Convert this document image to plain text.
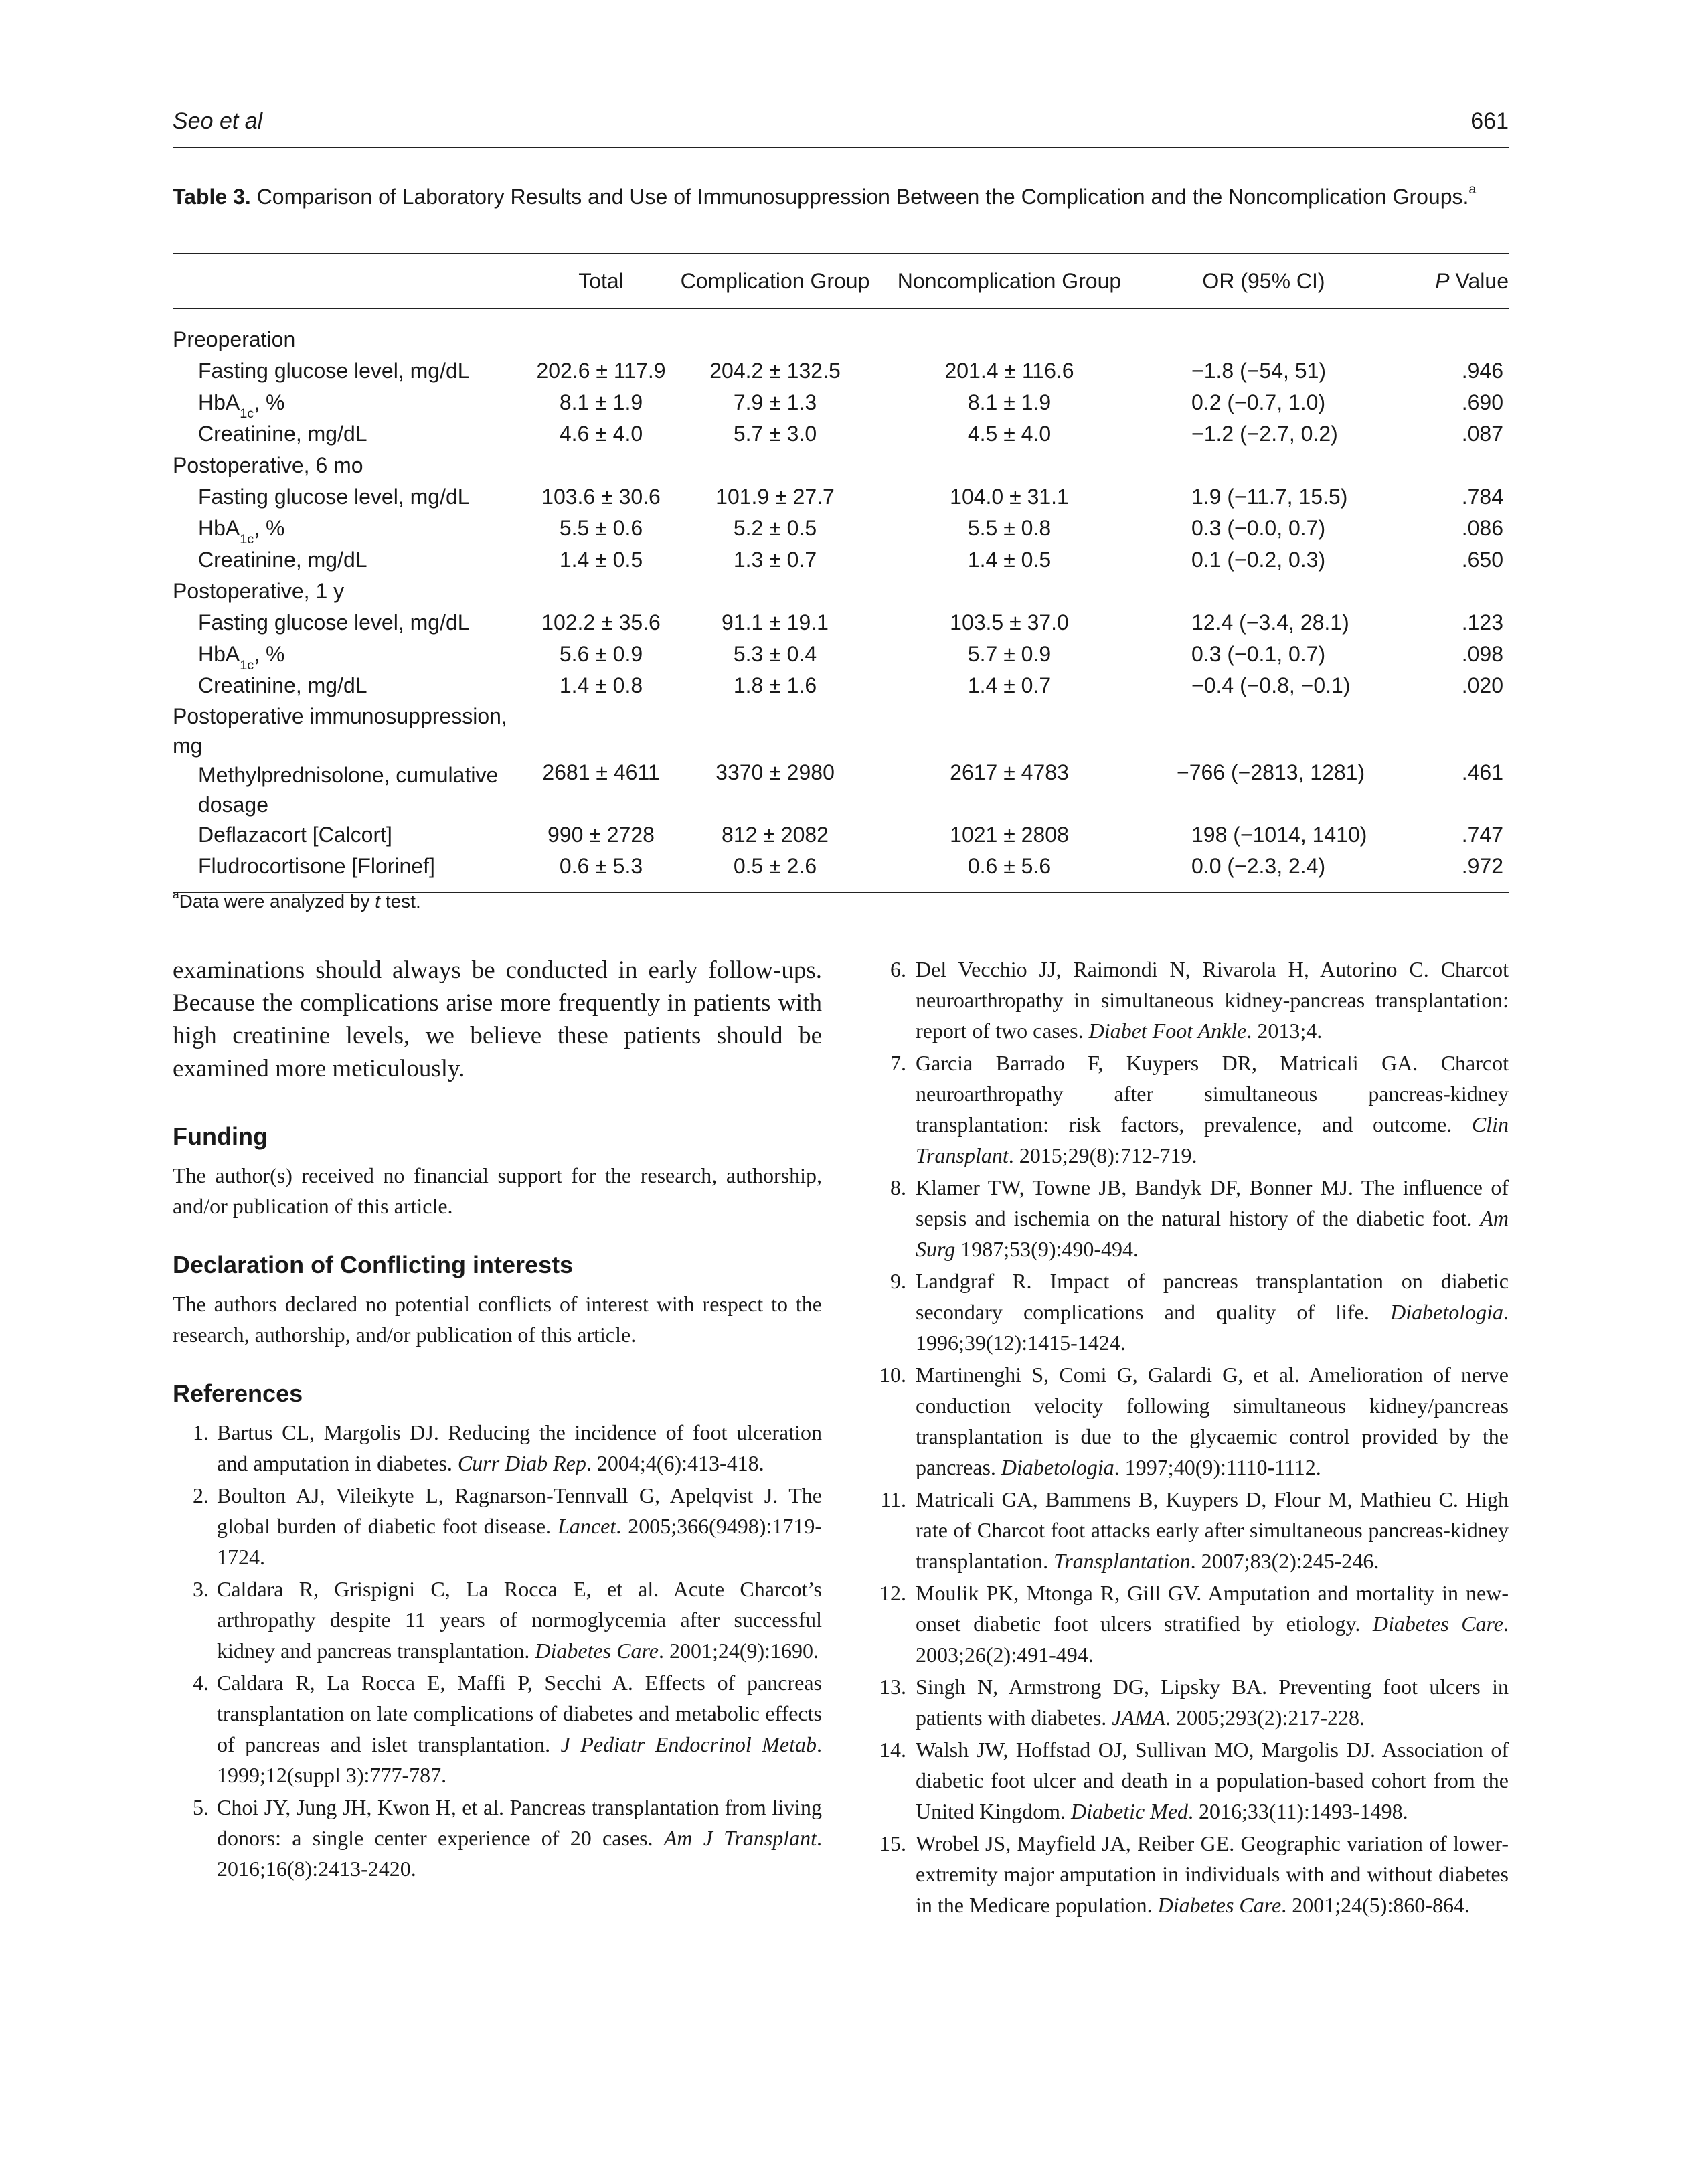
Seo et al	661
Table 3. Comparison of Laboratory Results and Use of Immunosuppression Between the Complication and the Noncomplication Groups.$^a$
	Total	Complication Group	Noncomplication Group	OR (95% CI)	P Value
Preoperation					
Fasting glucose level, mg/dL	202.6 ± 117.9	204.2 ± 132.5	201.4 ± 116.6	−1.8 (−54, 51)	.946
HbA$_{1c}$, %	8.1 ± 1.9	7.9 ± 1.3	8.1 ± 1.9	0.2 (−0.7, 1.0)	.690
Creatinine, mg/dL	4.6 ± 4.0	5.7 ± 3.0	4.5 ± 4.0	−1.2 (−2.7, 0.2)	.087
Postoperative, 6 mo					
Fasting glucose level, mg/dL	103.6 ± 30.6	101.9 ± 27.7	104.0 ± 31.1	1.9 (−11.7, 15.5)	.784
HbA$_{1c}$, %	5.5 ± 0.6	5.2 ± 0.5	5.5 ± 0.8	0.3 (−0.0, 0.7)	.086
Creatinine, mg/dL	1.4 ± 0.5	1.3 ± 0.7	1.4 ± 0.5	0.1 (−0.2, 0.3)	.650
Postoperative, 1 y					
Fasting glucose level, mg/dL	102.2 ± 35.6	91.1 ± 19.1	103.5 ± 37.0	12.4 (−3.4, 28.1)	.123
HbA$_{1c}$, %	5.6 ± 0.9	5.3 ± 0.4	5.7 ± 0.9	0.3 (−0.1, 0.7)	.098
Creatinine, mg/dL	1.4 ± 0.8	1.8 ± 1.6	1.4 ± 0.7	−0.4 (−0.8, −0.1)	.020
Postoperative immunosuppression, mg					
Methylprednisolone, cumulative dosage	2681 ± 4611	3370 ± 2980	2617 ± 4783	−766 (−2813, 1281)	.461
Deflazacort [Calcort]	990 ± 2728	812 ± 2082	1021 ± 2808	198 (−1014, 1410)	.747
Fludrocortisone [Florinef]	0.6 ± 5.3	0.5 ± 2.6	0.6 ± 5.6	0.0 (−2.3, 2.4)	.972
$^a$Data were analyzed by t test.

examinations should always be conducted in early follow-ups. Because the complications arise more frequently in patients with high creatinine levels, we believe these patients should be examined more meticulously.

Funding

The author(s) received no financial support for the research, authorship, and/or publication of this article.

Declaration of Conflicting interests

The authors declared no potential conflicts of interest with respect to the research, authorship, and/or publication of this article.

References

1. Bartus CL, Margolis DJ. Reducing the incidence of foot ulceration and amputation in diabetes. Curr Diab Rep. 2004;4(6):413-418.

2. Boulton AJ, Vileikyte L, Ragnarson-Tennvall G, Apelqvist J. The global burden of diabetic foot disease. Lancet. 2005;366(9498):1719-1724.

3. Caldara R, Grispigni C, La Rocca E, et al. Acute Charcot’s arthropathy despite 11 years of normoglycemia after successful kidney and pancreas transplantation. Diabetes Care. 2001;24(9):1690.

4. Caldara R, La Rocca E, Maffi P, Secchi A. Effects of pancreas transplantation on late complications of diabetes and metabolic effects of pancreas and islet transplantation. J Pediatr Endocrinol Metab. 1999;12(suppl 3):777-787.

5. Choi JY, Jung JH, Kwon H, et al. Pancreas transplantation from living donors: a single center experience of 20 cases. Am J Transplant. 2016;16(8):2413-2420.

6. Del Vecchio JJ, Raimondi N, Rivarola H, Autorino C. Charcot neuroarthropathy in simultaneous kidney-pancreas transplantation: report of two cases. Diabet Foot Ankle. 2013;4.

7. Garcia Barrado F, Kuypers DR, Matricali GA. Charcot neuroarthropathy after simultaneous pancreas-kidney transplantation: risk factors, prevalence, and outcome. Clin Transplant. 2015;29(8):712-719.

8. Klamer TW, Towne JB, Bandyk DF, Bonner MJ. The influence of sepsis and ischemia on the natural history of the diabetic foot. Am Surg 1987;53(9):490-494.

9. Landgraf R. Impact of pancreas transplantation on diabetic secondary complications and quality of life. Diabetologia. 1996;39(12):1415-1424.

10. Martinenghi S, Comi G, Galardi G, et al. Amelioration of nerve conduction velocity following simultaneous kidney/pancreas transplantation is due to the glycaemic control provided by the pancreas. Diabetologia. 1997;40(9):1110-1112.

11. Matricali GA, Bammens B, Kuypers D, Flour M, Mathieu C. High rate of Charcot foot attacks early after simultaneous pancreas-kidney transplantation. Transplantation. 2007;83(2):245-246.

12. Moulik PK, Mtonga R, Gill GV. Amputation and mortality in new-onset diabetic foot ulcers stratified by etiology. Diabetes Care. 2003;26(2):491-494.

13. Singh N, Armstrong DG, Lipsky BA. Preventing foot ulcers in patients with diabetes. JAMA. 2005;293(2):217-228.

14. Walsh JW, Hoffstad OJ, Sullivan MO, Margolis DJ. Association of diabetic foot ulcer and death in a population-based cohort from the United Kingdom. Diabetic Med. 2016;33(11):1493-1498.

15. Wrobel JS, Mayfield JA, Reiber GE. Geographic variation of lower-extremity major amputation in individuals with and without diabetes in the Medicare population. Diabetes Care. 2001;24(5):860-864.
